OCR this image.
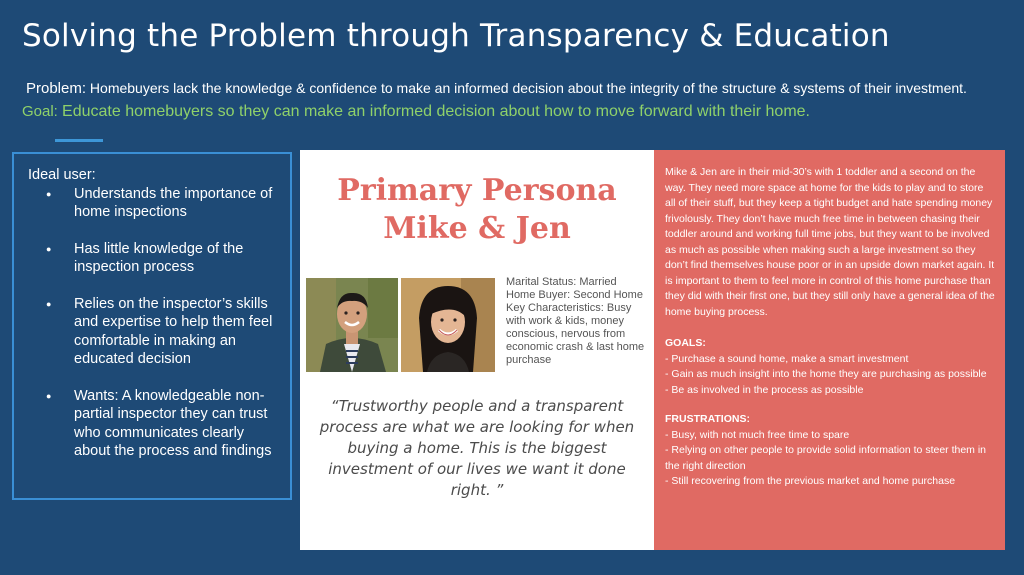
Solving the Problem through Transparency & Education
Problem: Homebuyers lack the knowledge & confidence to make an informed decision about the integrity of the structure & systems of their investment.
Goal: Educate homebuyers so they can make an informed decision about how to move forward with their home.
Ideal user:
● Understands the importance of home inspections
● Has little knowledge of the inspection process
● Relies on the inspector’s skills and expertise to help them feel comfortable in making an educated decision
● Wants: A knowledgeable non-partial inspector they can trust who communicates clearly about the process and findings
Primary Persona
Mike & Jen
Marital Status: Married
Home Buyer: Second Home
Key Characteristics: Busy with work & kids, money conscious, nervous from economic crash & last home purchase
“Trustworthy people and a transparent process are what we are looking for when buying a home. This is the biggest investment of our lives we want it done right. ”

Mike & Jen are in their mid-30’s with 1 toddler and a second on the way. They need more space at home for the kids to play and to store all of their stuff, but they keep a tight budget and hate spending money frivolously. They don’t have much free time in between chasing their toddler around and working full time jobs, but they want to be involved as much as possible when making such a large investment so they don’t find themselves house poor or in an upside down market again. It is important to them to feel more in control of this home purchase than they did with their first one, but they still only have a general idea of the home buying process.

GOALS:
- Purchase a sound home, make a smart investment
- Gain as much insight into the home they are purchasing as possible
- Be as involved in the process as possible
FRUSTRATIONS:
- Busy, with not much free time to spare
- Relying on other people to provide solid information to steer them in the right direction
- Still recovering from the previous market and home purchase
